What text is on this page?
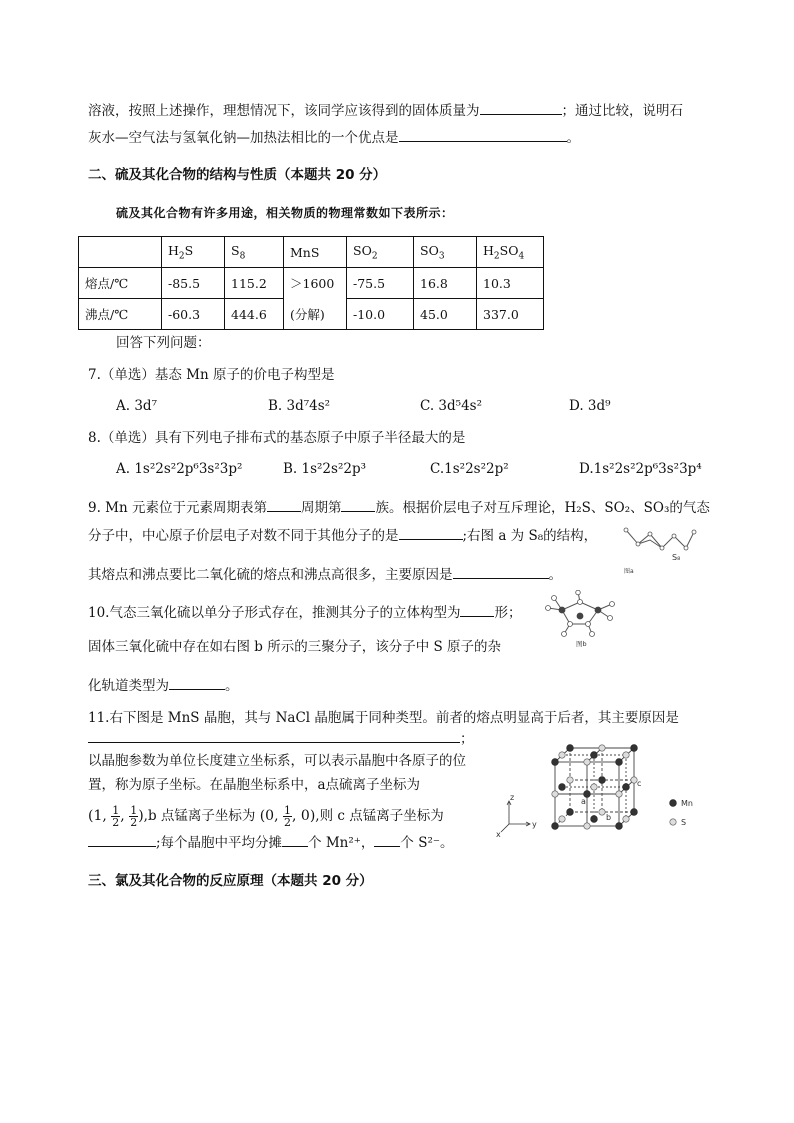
溶液，按照上述操作，理想情况下，该同学应该得到的固体质量为	；通过比较，说明石
灰水—空气法与氢氧化钠—加热法相比的一个优点是	。
二、硫及其化合物的结构与性质（本题共 20 分）
硫及其化合物有许多用途，相关物质的物理常数如下表所示：
	$H_2S$	$S_8$	MnS	$SO_2$	$SO_3$	$H_2SO_4$
熔点/℃	-85.5	115.2	＞1600	-75.5	16.8	10.3
沸点/℃	-60.3	444.6	(分解)	-10.0	45.0	337.0
回答下列问题：
7.（单选）基态 Mn 原子的价电子构型是
A. 3d⁷	B. 3d⁷4s²	C. 3d⁵4s²	D. 3d⁹
8.（单选）具有下列电子排布式的基态原子中原子半径最大的是
A. 1s²2s²2p⁶3s²3p²	B. 1s²2s²2p³	C.1s²2s²2p²	D.1s²2s²2p⁶3s²3p⁴
9. Mn 元素位于元素周期表第	周期第	族。根据价层电子对互斥理论，H₂S、SO₂、SO₃的气态
分子中，中心原子价层电子对数不同于其他分子的是	;右图 a 为 S₈的结构，
其熔点和沸点要比二氧化硫的熔点和沸点高很多，主要原因是	。
S₈
图a
10.气态三氧化硫以单分子形式存在，推测其分子的立体构型为	形；
固体三氧化硫中存在如右图 b 所示的三聚分子，该分子中 S 原子的杂
化轨道类型为	。
图b
11.右下图是 MnS 晶胞，其与 NaCl 晶胞属于同种类型。前者的熔点明显高于后者，其主要原因是
；
以晶胞参数为单位长度建立坐标系，可以表示晶胞中各原子的位
置，称为原子坐标。在晶胞坐标系中，a点硫离子坐标为
(1, $\frac{1}{2}$ , $\frac{1}{2} ),b$ 点锰离子坐标为 (0, $\frac{1}{2}$ , 0),则 c 点锰离子坐标为
;每个晶胞中平均分摊 个 Mn²⁺， 个 S²⁻。
a
b
c
z
y
x
Mn
S
三、氯及其化合物的反应原理（本题共 20 分）
